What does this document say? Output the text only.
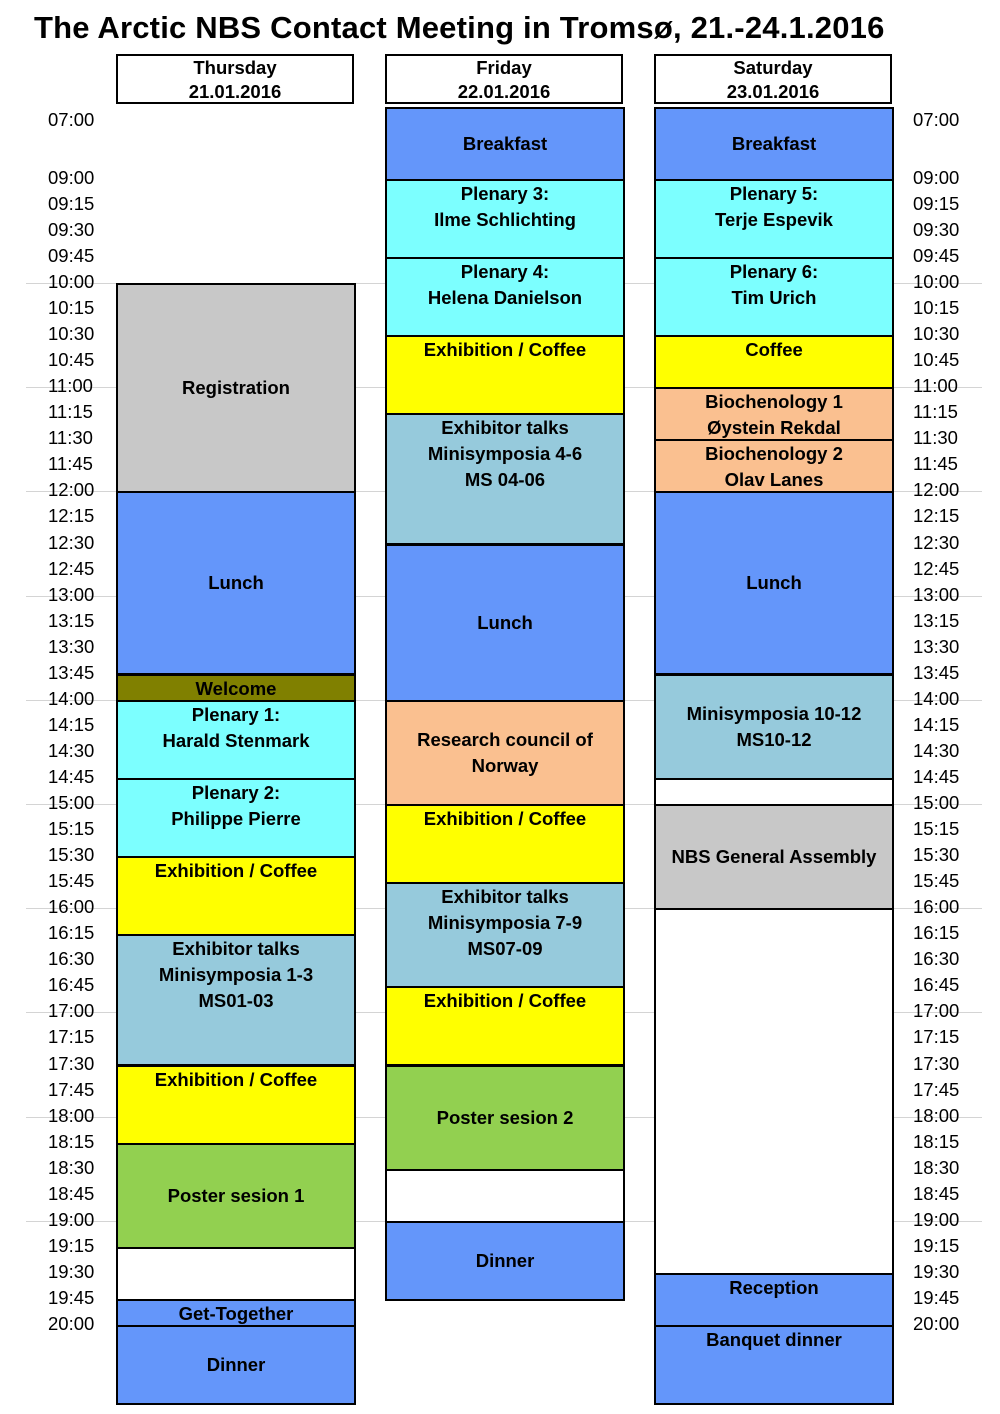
The Arctic NBS Contact Meeting in Tromsø, 21.-24.1.2016
07:00
09:00
09:15
09:30
09:45
10:00
10:15
10:30
10:45
11:00
11:15
11:30
11:45
12:00
12:15
12:30
12:45
13:00
13:15
13:30
13:45
14:00
14:15
14:30
14:45
15:00
15:15
15:30
15:45
16:00
16:15
16:30
16:45
17:00
17:15
17:30
17:45
18:00
18:15
18:30
18:45
19:00
19:15
19:30
19:45
20:00
07:00
09:00
09:15
09:30
09:45
10:00
10:15
10:30
10:45
11:00
11:15
11:30
11:45
12:00
12:15
12:30
12:45
13:00
13:15
13:30
13:45
14:00
14:15
14:30
14:45
15:00
15:15
15:30
15:45
16:00
16:15
16:30
16:45
17:00
17:15
17:30
17:45
18:00
18:15
18:30
18:45
19:00
19:15
19:30
19:45
20:00
Thursday
21.01.2016
Friday
22.01.2016
Saturday
23.01.2016
Registration
Lunch
Welcome
Plenary 1:
Harald Stenmark
Plenary 2:
Philippe Pierre
Exhibition / Coffee
Exhibitor talks
Minisymposia 1-3
MS01-03
Exhibition / Coffee
Poster sesion 1
Get-Together
Dinner
Breakfast
Plenary 3:
Ilme Schlichting
Plenary 4:
Helena Danielson
Exhibition / Coffee
Exhibitor talks
Minisymposia 4-6
MS 04-06
Lunch
Research council of
Norway
Exhibition / Coffee
Exhibitor talks
Minisymposia 7-9
MS07-09
Exhibition / Coffee
Poster sesion 2
Dinner
Breakfast
Plenary 5:
Terje Espevik
Plenary 6:
Tim Urich
Coffee
Biochenology 1
Øystein Rekdal
Biochenology 2
Olav Lanes
Lunch
Minisymposia 10-12
MS10-12
NBS General Assembly
Reception
Banquet dinner
